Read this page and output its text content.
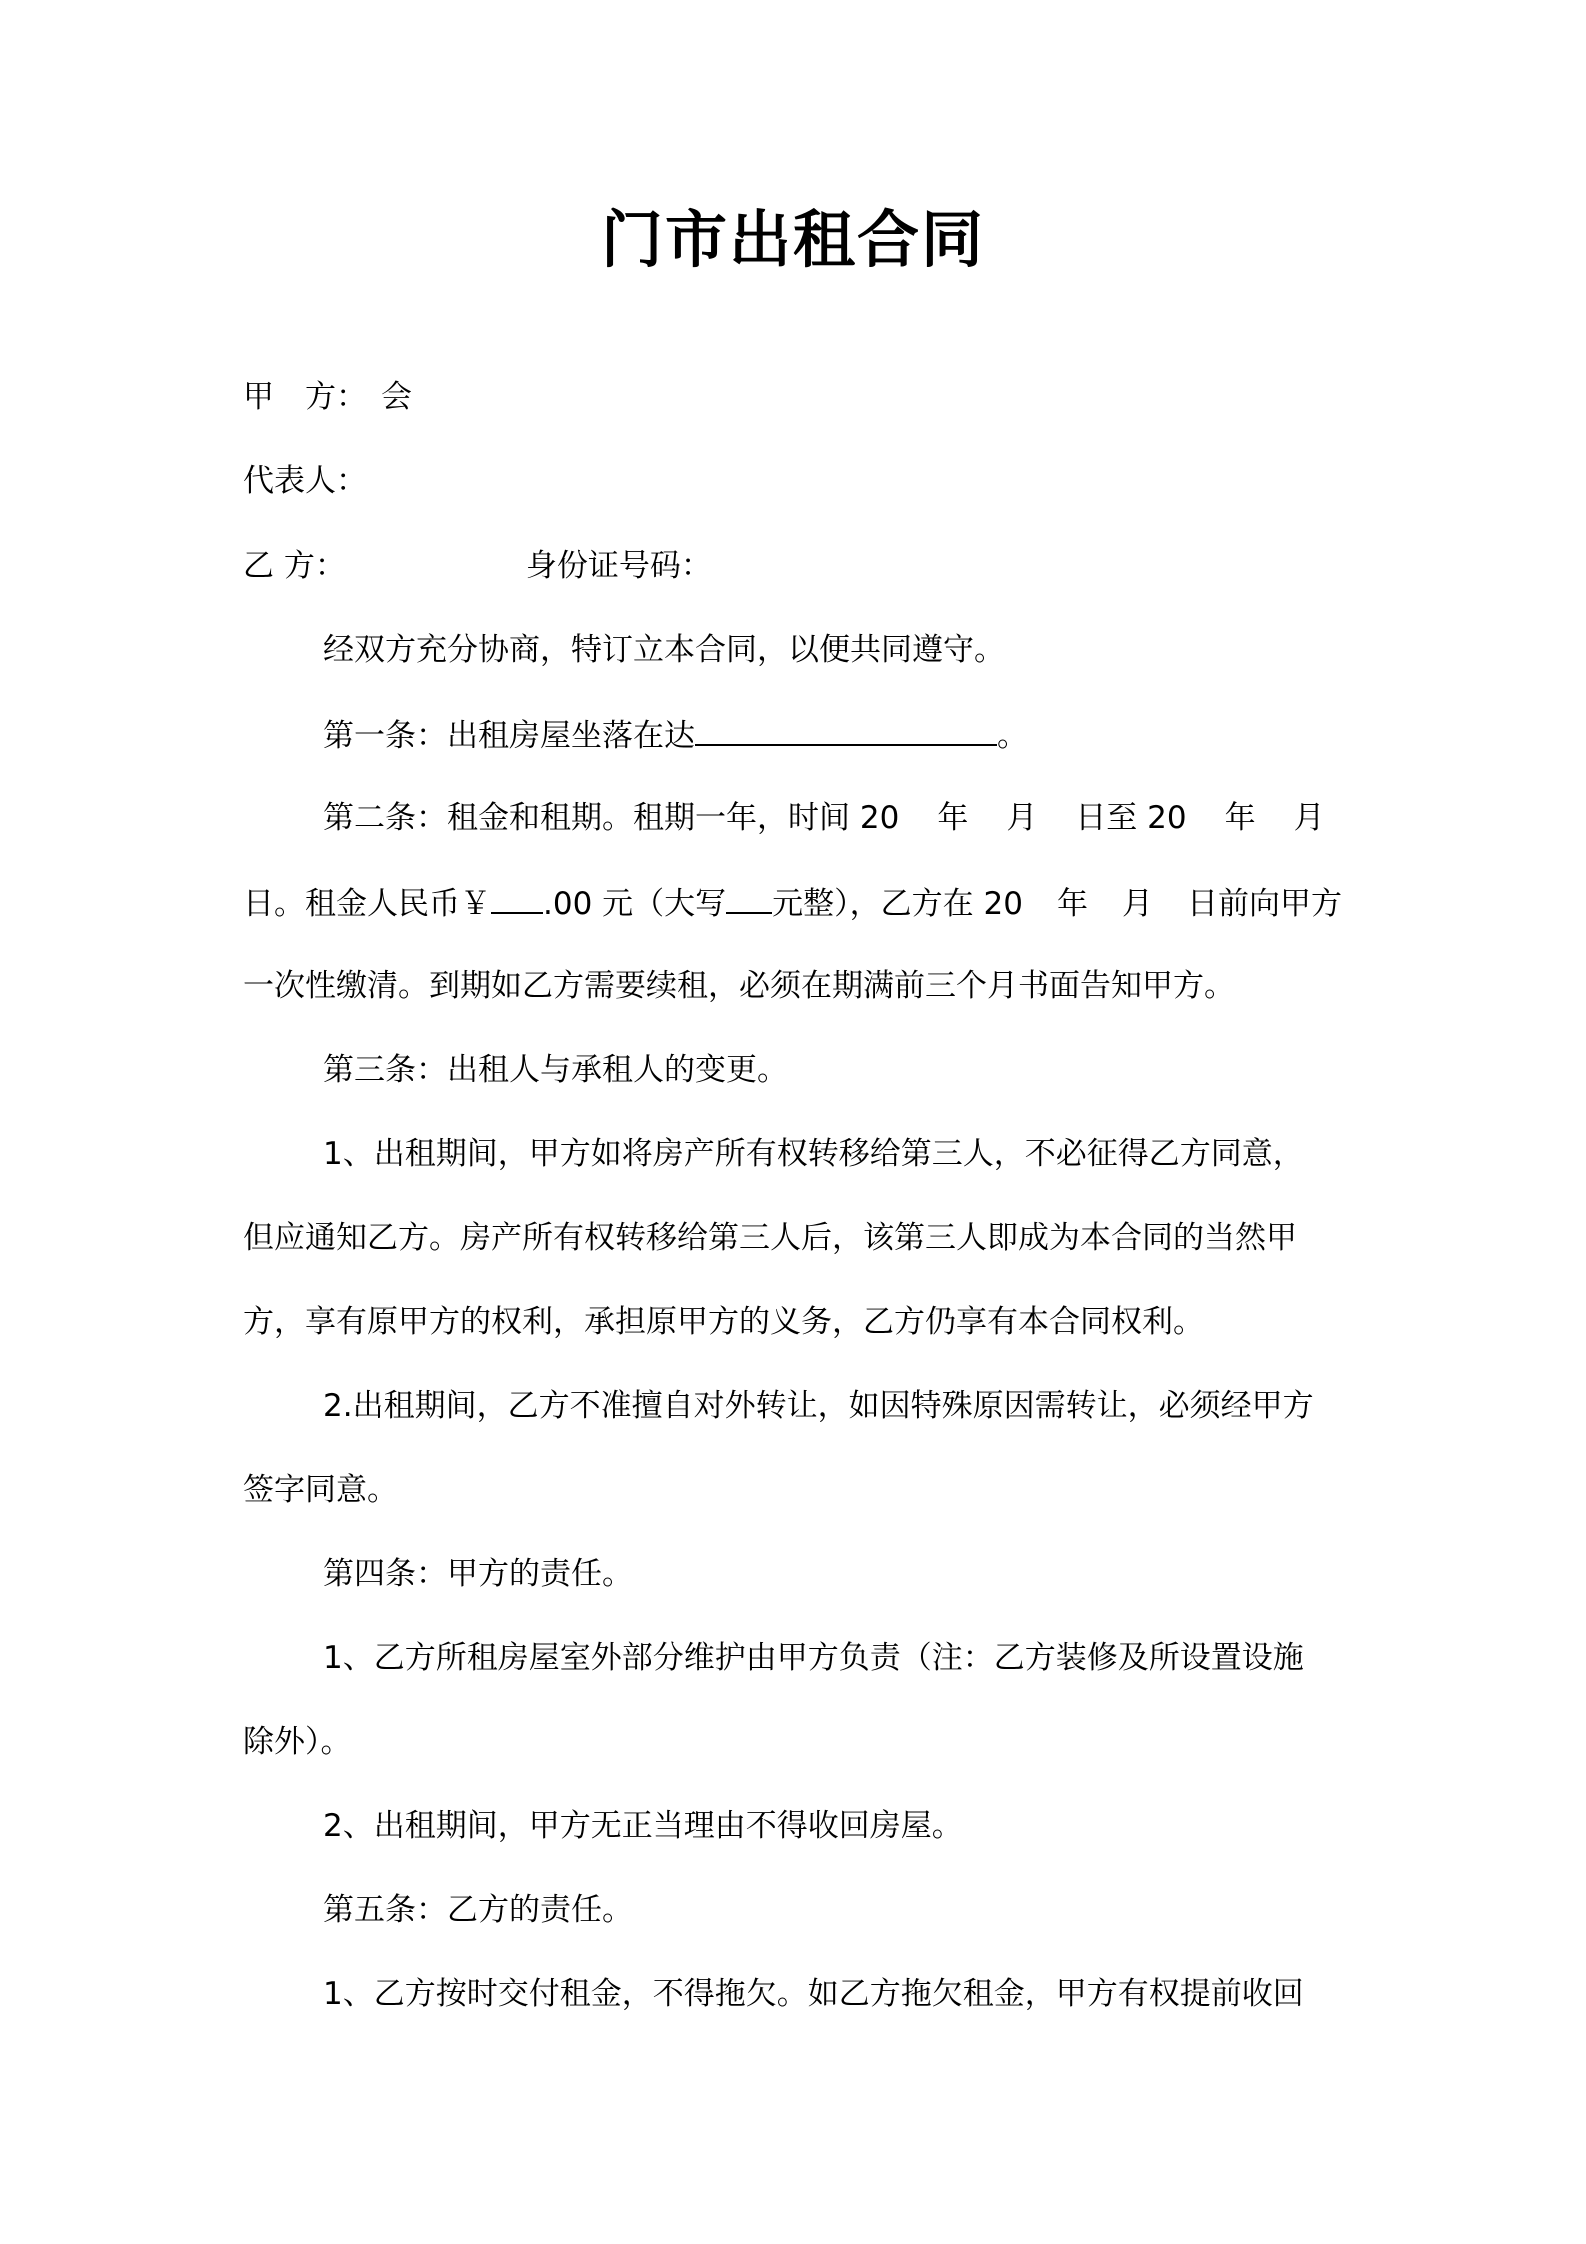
门市出租合同
甲　方： 会
代表人：
乙 方：	身份证号码：
经双方充分协商，特订立本合同，以便共同遵守。
第一条：出租房屋坐落在达	。
第二条：租金和租期。租期一年，时间 20 年 月 日至 20 年 月
日。租金人民币￥ .00 元（大写 元整），乙方在 20 年 月 日前向甲方
一次性缴清。到期如乙方需要续租，必须在期满前三个月书面告知甲方。
第三条：出租人与承租人的变更。
1、出租期间，甲方如将房产所有权转移给第三人，不必征得乙方同意，
但应通知乙方。房产所有权转移给第三人后，该第三人即成为本合同的当然甲
方，享有原甲方的权利，承担原甲方的义务，乙方仍享有本合同权利。
2.出租期间，乙方不准擅自对外转让，如因特殊原因需转让，必须经甲方
签字同意。
第四条：甲方的责任。
1、乙方所租房屋室外部分维护由甲方负责（注：乙方装修及所设置设施
除外）。
2、出租期间，甲方无正当理由不得收回房屋。
第五条：乙方的责任。
1、乙方按时交付租金，不得拖欠。如乙方拖欠租金，甲方有权提前收回
